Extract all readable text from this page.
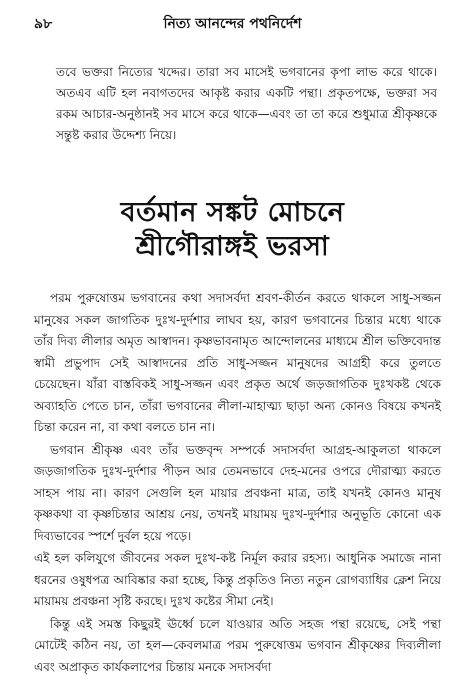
৯৮	নিত্য আনন্দের পথনির্দেশ

তবে ভক্তরা নিত্যের খদ্দের। তারা সব মাসেই ভগবানের কৃপা লাভ করে থাকে। অতএব এটি হল নবাগতদের আকৃষ্ট করার একটি পন্থা। প্রকৃতপক্ষে, ভক্তরা সব রকম আচার-অনুষ্ঠানই সব মাসে করে থাকে—এবং তা তা করে শুধুমাত্র শ্রীকৃষ্ণকে সন্তুষ্ট করার উদ্দেশ্য নিয়ে।

বর্তমান সঙ্কট মোচনে
শ্রীগৌরাঙ্গই ভরসা

পরম পুরুষোত্তম ভগবানের কথা সদাসর্বদা শ্রবণ-কীর্তন করতে থাকলে সাধু-সজ্জন মানুষের সকল জাগতিক দুঃখ-দুর্দশার লাঘব হয়, কারণ ভগবানের চিন্তার মধ্যে থাকে তাঁর দিব্য লীলার অমৃত আস্বাদন। কৃষ্ণভাবনামৃত আন্দোলনের মাধ্যমে শ্রীল ভক্তিবেদান্ত স্বামী প্রভুপাদ সেই আস্বাদনের প্রতি সাধু-সজ্জন মানুষদের আগ্রহী করে তুলতে চেয়েছেন। যাঁরা বাস্তবিকই সাধু-সজ্জন এবং প্রকৃত অর্থে জড়জাগতিক দুঃখকষ্ট থেকে অব্যাহতি পেতে চান, তাঁরা ভগবানের লীলা-মাহাত্ম্য ছাড়া অন্য কোনও বিষয়ে কখনই চিন্তা করেন না, বা কথা বলতে চান না।

ভগবান শ্রীকৃষ্ণ এবং তাঁর ভক্তবৃন্দ সম্পর্কে সদাসর্বদা আগ্রহ-আকুলতা থাকলে জড়জাগতিক দুঃখ-দুর্দশার পীড়ন আর তেমনভাবে দেহ-মনের ওপরে দৌরাত্ম্য করতে সাহস পায় না। কারণ সেগুলি হল মায়ার প্রবঞ্চনা মাত্র, তাই যখনই কোনও মানুষ কৃষ্ণকথা বা কৃষ্ণচিন্তার আশ্রয় নেয়, তখনই মায়াময় দুঃখ-দুর্দশার অনুভূতি কোনো এক দিব্যভাবের স্পর্শে দুর্বল হয়ে পড়ে।

এই হল কলিযুগে জীবনের সকল দুঃখ-কষ্ট নির্মূল করার রহস্য। আধুনিক সমাজে নানা ধরনের ওষুধপত্র আবিষ্কার করা হচ্ছে, কিন্তু প্রকৃতিও নিত্য নতুন রোগব্যাধির ক্লেশ নিয়ে মায়াময় প্রবঞ্চনা সৃষ্টি করছে। দুঃখ কষ্টের সীমা নেই।

কিন্তু এই সমস্ত কিছুরই ঊর্ধ্বে চলে যাওয়ার অতি সহজ পন্থা রয়েছে, সেই পন্থা মোটেই কঠিন নয়, তা হল—কেবলমাত্র পরম পুরুষোত্তম ভগবান শ্রীকৃষ্ণের দিব্যলীলা এবং অপ্রাকৃত কার্যকলাপের চিন্তায় মনকে সদাসর্বদা
